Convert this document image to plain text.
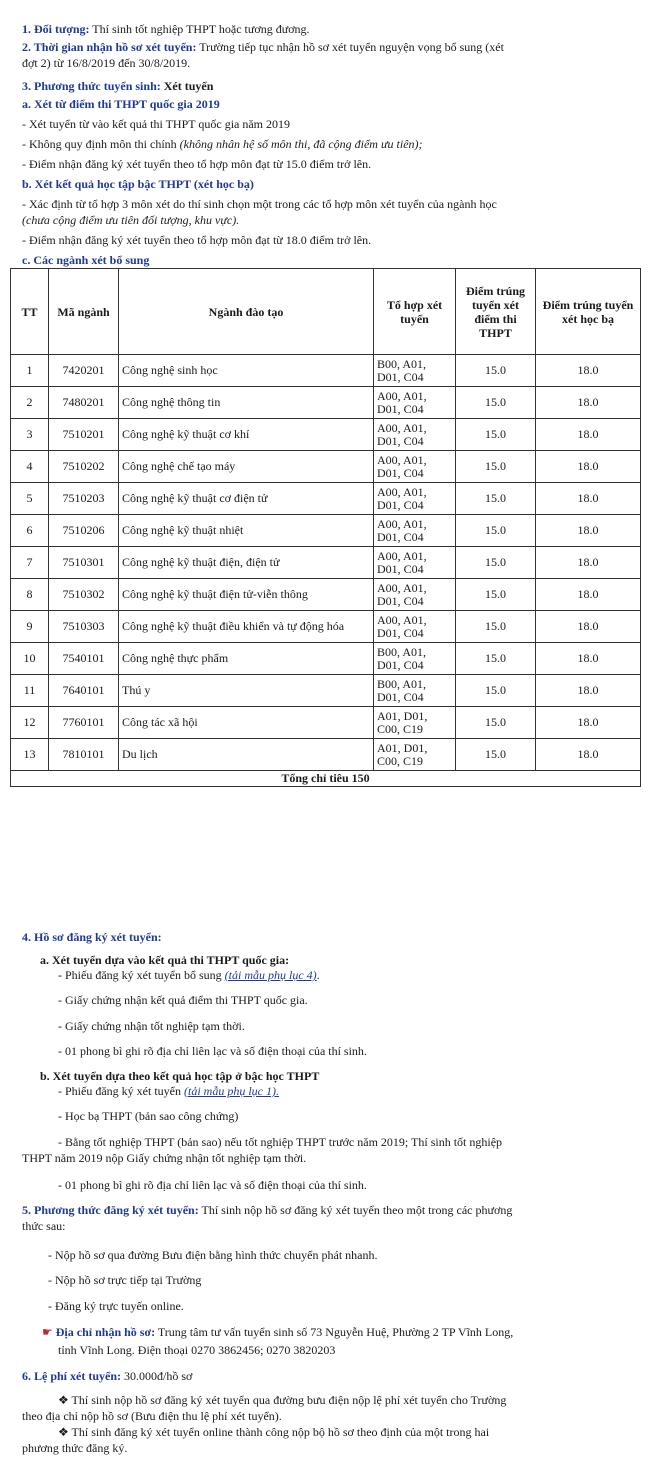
1. Đối tượng: Thí sinh tốt nghiệp THPT hoặc tương đương.
2. Thời gian nhận hồ sơ xét tuyển: Trường tiếp tục nhận hồ sơ xét tuyển nguyện vọng bổ sung (xét
đợt 2) từ 16/8/2019 đến 30/8/2019.
3. Phương thức tuyển sinh: Xét tuyển
a. Xét từ điểm thi THPT quốc gia 2019
- Xét tuyển từ vào kết quả thi THPT quốc gia năm 2019
- Không quy định môn thi chính (không nhân hệ số môn thi, đã cộng điểm ưu tiên);
- Điểm nhận đăng ký xét tuyển theo tổ hợp môn đạt từ 15.0 điểm trở lên.
b. Xét kết quả học tập bậc THPT (xét học bạ)
- Xác định từ tổ hợp 3 môn xét do thí sinh chọn một trong các tổ hợp môn xét tuyển của ngành học
(chưa cộng điểm ưu tiên đối tượng, khu vực).
- Điểm nhận đăng ký xét tuyển theo tổ hợp môn đạt từ 18.0 điểm trở lên.
c. Các ngành xét bổ sung
TT	Mã ngành	Ngành đào tạo	Tổ hợp xét tuyển	Điểm trúng tuyển xét điểm thi THPT	Điểm trúng tuyển xét học bạ
1	7420201	Công nghệ sinh học	B00, A01,
D01, C04	15.0	18.0
2	7480201	Công nghệ thông tin	A00, A01,
D01, C04	15.0	18.0
3	7510201	Công nghệ kỹ thuật cơ khí	A00, A01,
D01, C04	15.0	18.0
4	7510202	Công nghệ chế tạo máy	A00, A01,
D01, C04	15.0	18.0
5	7510203	Công nghệ kỹ thuật cơ điện tử	A00, A01,
D01, C04	15.0	18.0
6	7510206	Công nghệ kỹ thuật nhiệt	A00, A01,
D01, C04	15.0	18.0
7	7510301	Công nghệ kỹ thuật điện, điện tử	A00, A01,
D01, C04	15.0	18.0
8	7510302	Công nghệ kỹ thuật điện tử-viễn thông	A00, A01,
D01, C04	15.0	18.0
9	7510303	Công nghệ kỹ thuật điều khiển và tự động hóa	A00, A01,
D01, C04	15.0	18.0
10	7540101	Công nghệ thực phẩm	B00, A01,
D01, C04	15.0	18.0
11	7640101	Thú y	B00, A01,
D01, C04	15.0	18.0
12	7760101	Công tác xã hội	A01, D01,
C00, C19	15.0	18.0
13	7810101	Du lịch	A01, D01,
C00, C19	15.0	18.0
Tổng chỉ tiêu 150					
4. Hồ sơ đăng ký xét tuyển:
a. Xét tuyển dựa vào kết quả thi THPT quốc gia:
- Phiếu đăng ký xét tuyển bổ sung (tải mẫu phụ lục 4).
- Giấy chứng nhận kết quả điểm thi THPT quốc gia.
- Giấy chứng nhận tốt nghiệp tạm thời.
- 01 phong bì ghi rõ địa chỉ liên lạc và số điện thoại của thí sinh.
b. Xét tuyển dựa theo kết quả học tập ở bậc học THPT
- Phiếu đăng ký xét tuyển (tải mẫu phụ lục 1).
- Học bạ THPT (bản sao công chứng)
- Bằng tốt nghiệp THPT (bản sao) nếu tốt nghiệp THPT trước năm 2019; Thí sinh tốt nghiệp
THPT năm 2019 nộp Giấy chứng nhận tốt nghiệp tạm thời.
- 01 phong bì ghi rõ địa chỉ liên lạc và số điện thoại của thí sinh.
5. Phương thức đăng ký xét tuyển: Thí sinh nộp hồ sơ đăng ký xét tuyển theo một trong các phương
thức sau:
- Nộp hồ sơ qua đường Bưu điện bằng hình thức chuyển phát nhanh.
- Nộp hồ sơ trực tiếp tại Trường
- Đăng ký trực tuyến online.
☛ Địa chỉ nhận hồ sơ: Trung tâm tư vấn tuyển sinh số 73 Nguyễn Huệ, Phường 2 TP Vĩnh Long,
tỉnh Vĩnh Long. Điện thoại 0270 3862456; 0270 3820203
6. Lệ phí xét tuyển: 30.000đ/hồ sơ
❖ Thí sinh nộp hồ sơ đăng ký xét tuyển qua đường bưu điện nộp lệ phí xét tuyển cho Trường
theo địa chỉ nộp hồ sơ (Bưu điện thu lệ phí xét tuyển).
❖ Thí sinh đăng ký xét tuyển online thành công nộp bộ hồ sơ theo định của một trong hai
phương thức đăng ký.
